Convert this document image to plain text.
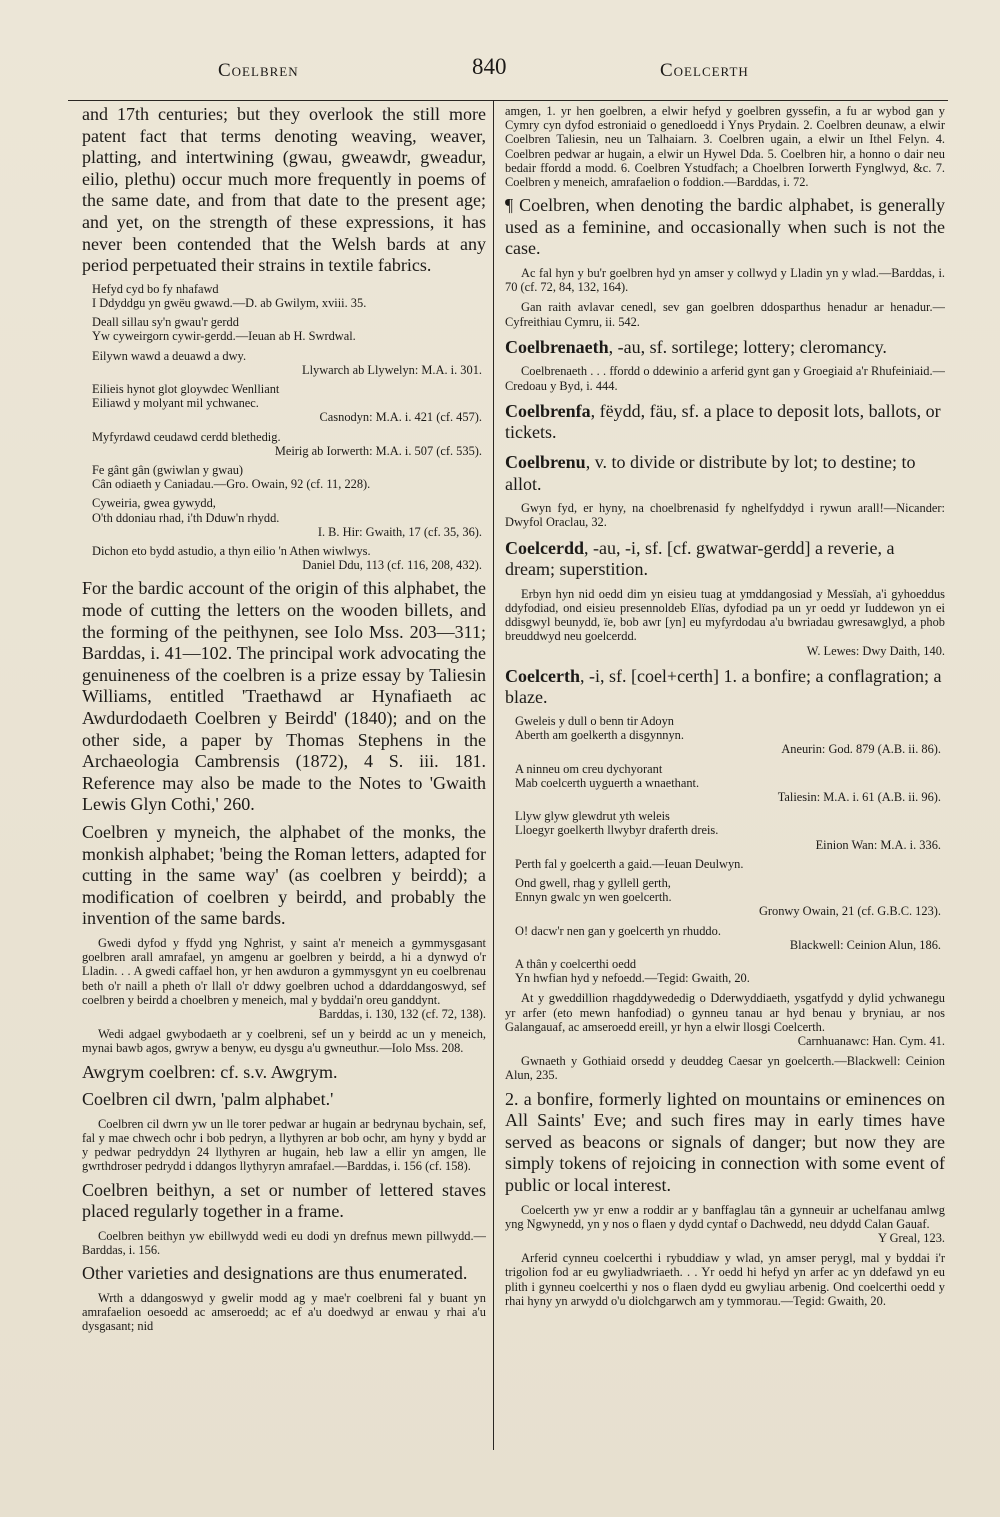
Coelbren	840	Coelcerth

and 17th centuries; but they overlook the still more patent fact that terms denoting weaving, weaver, platting, and intertwining (gwau, gweawdr, gweadur, eilio, plethu) occur much more frequently in poems of the same date, and from that date to the present age; and yet, on the strength of these expressions, it has never been contended that the Welsh bards at any period perpetuated their strains in textile fabrics.

Hefyd cyd bo fy nhafawd
I Ddyddgu yn gwëu gwawd.—D. ab Gwilym, xviii. 35.
Deall sillau sy'n gwau'r gerdd
Yw cyweirgorn cywir-gerdd.—Ieuan ab H. Swrdwal.
Eilywn wawd a deuawd a dwy.
Llywarch ab Llywelyn: M.A. i. 301.
Eilieis hynot glot gloywdec Wenlliant
Eiliawd y molyant mil ychwanec.
Casnodyn: M.A. i. 421 (cf. 457).
Myfyrdawd ceudawd cerdd blethedig.
Meirig ab Iorwerth: M.A. i. 507 (cf. 535).
Fe gânt gân (gwiwlan y gwau)
Cân odiaeth y Caniadau.—Gro. Owain, 92 (cf. 11, 228).
Cyweiria, gwea gywydd,
O'th ddoniau rhad, i'th Dduw'n rhydd.
I. B. Hir: Gwaith, 17 (cf. 35, 36).
Dichon eto bydd astudio, a thyn eilio 'n Athen wiwlwys.
Daniel Ddu, 113 (cf. 116, 208, 432).

For the bardic account of the origin of this alphabet, the mode of cutting the letters on the wooden billets, and the forming of the peithynen, see Iolo Mss. 203—311; Barddas, i. 41—102. The principal work advocating the genuineness of the coelbren is a prize essay by Taliesin Williams, entitled 'Traethawd ar Hynafiaeth ac Awdurdodaeth Coelbren y Beirdd' (1840); and on the other side, a paper by Thomas Stephens in the Archaeologia Cambrensis (1872), 4 S. iii. 181. Reference may also be made to the Notes to 'Gwaith Lewis Glyn Cothi,' 260.

Coelbren y myneich, the alphabet of the monks, the monkish alphabet; 'being the Roman letters, adapted for cutting in the same way' (as coelbren y beirdd); a modification of coelbren y beirdd, and probably the invention of the same bards.

Gwedi dyfod y ffydd yng Nghrist, y saint a'r meneich a gymmysgasant goelbren arall amrafael, yn amgenu ar goelbren y beirdd, a hi a dynwyd o'r Lladin. . . A gwedi caffael hon, yr hen awduron a gymmysgynt yn eu coelbrenau beth o'r naill a pheth o'r llall o'r ddwy goelbren uchod a ddarddangoswyd, sef coelbren y beirdd a choelbren y meneich, mal y byddai'n oreu ganddynt.
Barddas, i. 130, 132 (cf. 72, 138).

Wedi adgael gwybodaeth ar y coelbreni, sef un y beirdd ac un y meneich, mynai bawb agos, gwryw a benyw, eu dysgu a'u gwneuthur.—Iolo Mss. 208.

Awgrym coelbren: cf. s.v. Awgrym.

Coelbren cil dwrn, 'palm alphabet.'

Coelbren cil dwrn yw un lle torer pedwar ar hugain ar bedrynau bychain, sef, fal y mae chwech ochr i bob pedryn, a llythyren ar bob ochr, am hyny y bydd ar y pedwar pedryddyn 24 llythyren ar hugain, heb law a ellir yn amgen, lle gwrthdroser pedrydd i ddangos llythyryn amrafael.—Barddas, i. 156 (cf. 158).

Coelbren beithyn, a set or number of lettered staves placed regularly together in a frame.

Coelbren beithyn yw ebillwydd wedi eu dodi yn drefnus mewn pillwydd.—Barddas, i. 156.

Other varieties and designations are thus enumerated.

Wrth a ddangoswyd y gwelir modd ag y mae'r coelbreni fal y buant yn amrafaelion oesoedd ac amseroedd; ac ef a'u doedwyd ar enwau y rhai a'u dysgasant; nid

amgen, 1. yr hen goelbren, a elwir hefyd y goelbren gyssefin, a fu ar wybod gan y Cymry cyn dyfod estroniaid o genedloedd i Ynys Prydain. 2. Coelbren deunaw, a elwir Coelbren Taliesin, neu un Talhaiarn. 3. Coelbren ugain, a elwir un Ithel Felyn. 4. Coelbren pedwar ar hugain, a elwir un Hywel Dda. 5. Coelbren hir, a honno o dair neu bedair ffordd a modd. 6. Coelbren Ystudfach; a Choelbren Iorwerth Fynglwyd, &c. 7. Coelbren y meneich, amrafaelion o foddion.—Barddas, i. 72.

¶ Coelbren, when denoting the bardic alphabet, is generally used as a feminine, and occasionally when such is not the case.

Ac fal hyn y bu'r goelbren hyd yn amser y collwyd y Lladin yn y wlad.—Barddas, i. 70 (cf. 72, 84, 132, 164).

Gan raith avlavar cenedl, sev gan goelbren ddosparthus henadur ar henadur.—Cyfreithiau Cymru, ii. 542.

Coelbrenaeth, -au, sf. sortilege; lottery; cleromancy.

Coelbrenaeth . . . ffordd o ddewinio a arferid gynt gan y Groegiaid a'r Rhufeiniaid.—Credoau y Byd, i. 444.

Coelbrenfa, fëydd, fäu, sf. a place to deposit lots, ballots, or tickets.
Coelbrenu, v. to divide or distribute by lot; to destine; to allot.

Gwyn fyd, er hyny, na choelbrenasid fy nghelfyddyd i rywun arall!—Nicander: Dwyfol Oraclau, 32.

Coelcerdd, -au, -i, sf. [cf. gwatwar-gerdd] a reverie, a dream; superstition.
Erbyn hyn nid oedd dim yn eisieu tuag at ymddangosiad y Messïah, a'i gyhoeddus ddyfodiad, ond eisieu presennoldeb Elïas, dyfodiad pa un yr oedd yr Iuddewon yn ei ddisgwyl beunydd, ïe, bob awr [yn] eu myfyrdodau a'u bwriadau gwresawglyd, a phob breuddwyd neu goelcerdd.
W. Lewes: Dwy Daith, 140.
Coelcerth, -i, sf. [coel+certh] 1. a bonfire; a conflagration; a blaze.
Gweleis y dull o benn tir Adoyn
Aberth am goelkerth a disgynnyn.
Aneurin: God. 879 (A.B. ii. 86).
A ninneu om creu dychyorant
Mab coelcerth uyguerth a wnaethant.
Taliesin: M.A. i. 61 (A.B. ii. 96).
Llyw glyw glewdrut yth weleis
Lloegyr goelkerth llwybyr draferth dreis.
Einion Wan: M.A. i. 336.
Perth fal y goelcerth a gaid.—Ieuan Deulwyn.
Ond gwell, rhag y gyllell gerth,
Ennyn gwalc yn wen goelcerth.
Gronwy Owain, 21 (cf. G.B.C. 123).
O! dacw'r nen gan y goelcerth yn rhuddo.
Blackwell: Ceinion Alun, 186.
A thân y coelcerthi oedd
Yn hwfian hyd y nefoedd.—Tegid: Gwaith, 20.
At y gweddillion rhagddywededig o Dderwyddiaeth, ysgatfydd y dylid ychwanegu yr arfer (eto mewn hanfodiad) o gynneu tanau ar hyd benau y bryniau, ar nos Galangauaf, ac amseroedd ereill, yr hyn a elwir llosgi Coelcerth.
Carnhuanawc: Han. Cym. 41.

Gwnaeth y Gothiaid orsedd y deuddeg Caesar yn goelcerth.—Blackwell: Ceinion Alun, 235.

2. a bonfire, formerly lighted on mountains or eminences on All Saints' Eve; and such fires may in early times have served as beacons or signals of danger; but now they are simply tokens of rejoicing in connection with some event of public or local interest.

Coelcerth yw yr enw a roddir ar y banffaglau tân a gynneuir ar uchelfanau amlwg yng Ngwynedd, yn y nos o flaen y dydd cyntaf o Dachwedd, neu ddydd Calan Gauaf.
Y Greal, 123.

Arferid cynneu coelcerthi i rybuddiaw y wlad, yn amser perygl, mal y byddai i'r trigolion fod ar eu gwyliadwriaeth. . . Yr oedd hi hefyd yn arfer ac yn ddefawd yn eu plith i gynneu coelcerthi y nos o flaen dydd eu gwyliau arbenig. Ond coelcerthi oedd y rhai hyny yn arwydd o'u diolchgarwch am y tymmorau.—Tegid: Gwaith, 20.
